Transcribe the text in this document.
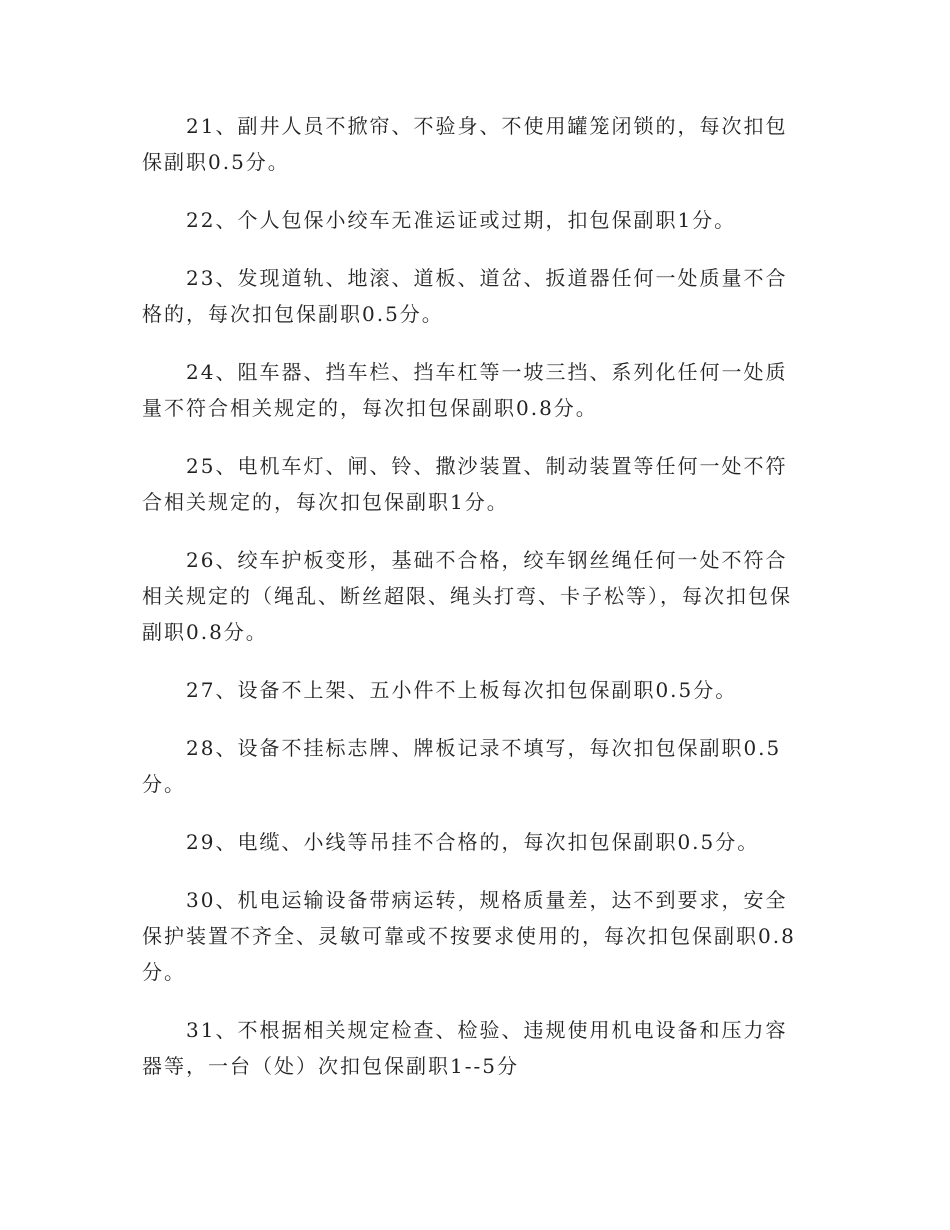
21、副井人员不掀帘、不验身、不使用罐笼闭锁的，每次扣包保副职0.5分。

22、个人包保小绞车无准运证或过期，扣包保副职1分。

23、发现道轨、地滚、道板、道岔、扳道器任何一处质量不合格的，每次扣包保副职0.5分。

24、阻车器、挡车栏、挡车杠等一坡三挡、系列化任何一处质量不符合相关规定的，每次扣包保副职0.8分。

25、电机车灯、闸、铃、撒沙装置、制动装置等任何一处不符合相关规定的，每次扣包保副职1分。

26、绞车护板变形，基础不合格，绞车钢丝绳任何一处不符合相关规定的（绳乱、断丝超限、绳头打弯、卡子松等），每次扣包保副职0.8分。

27、设备不上架、五小件不上板每次扣包保副职0.5分。

28、设备不挂标志牌、牌板记录不填写，每次扣包保副职0.5分。

29、电缆、小线等吊挂不合格的，每次扣包保副职0.5分。

30、机电运输设备带病运转，规格质量差，达不到要求，安全保护装置不齐全、灵敏可靠或不按要求使用的，每次扣包保副职0.8分。

31、不根据相关规定检查、检验、违规使用机电设备和压力容器等，一台（处）次扣包保副职1--5分
